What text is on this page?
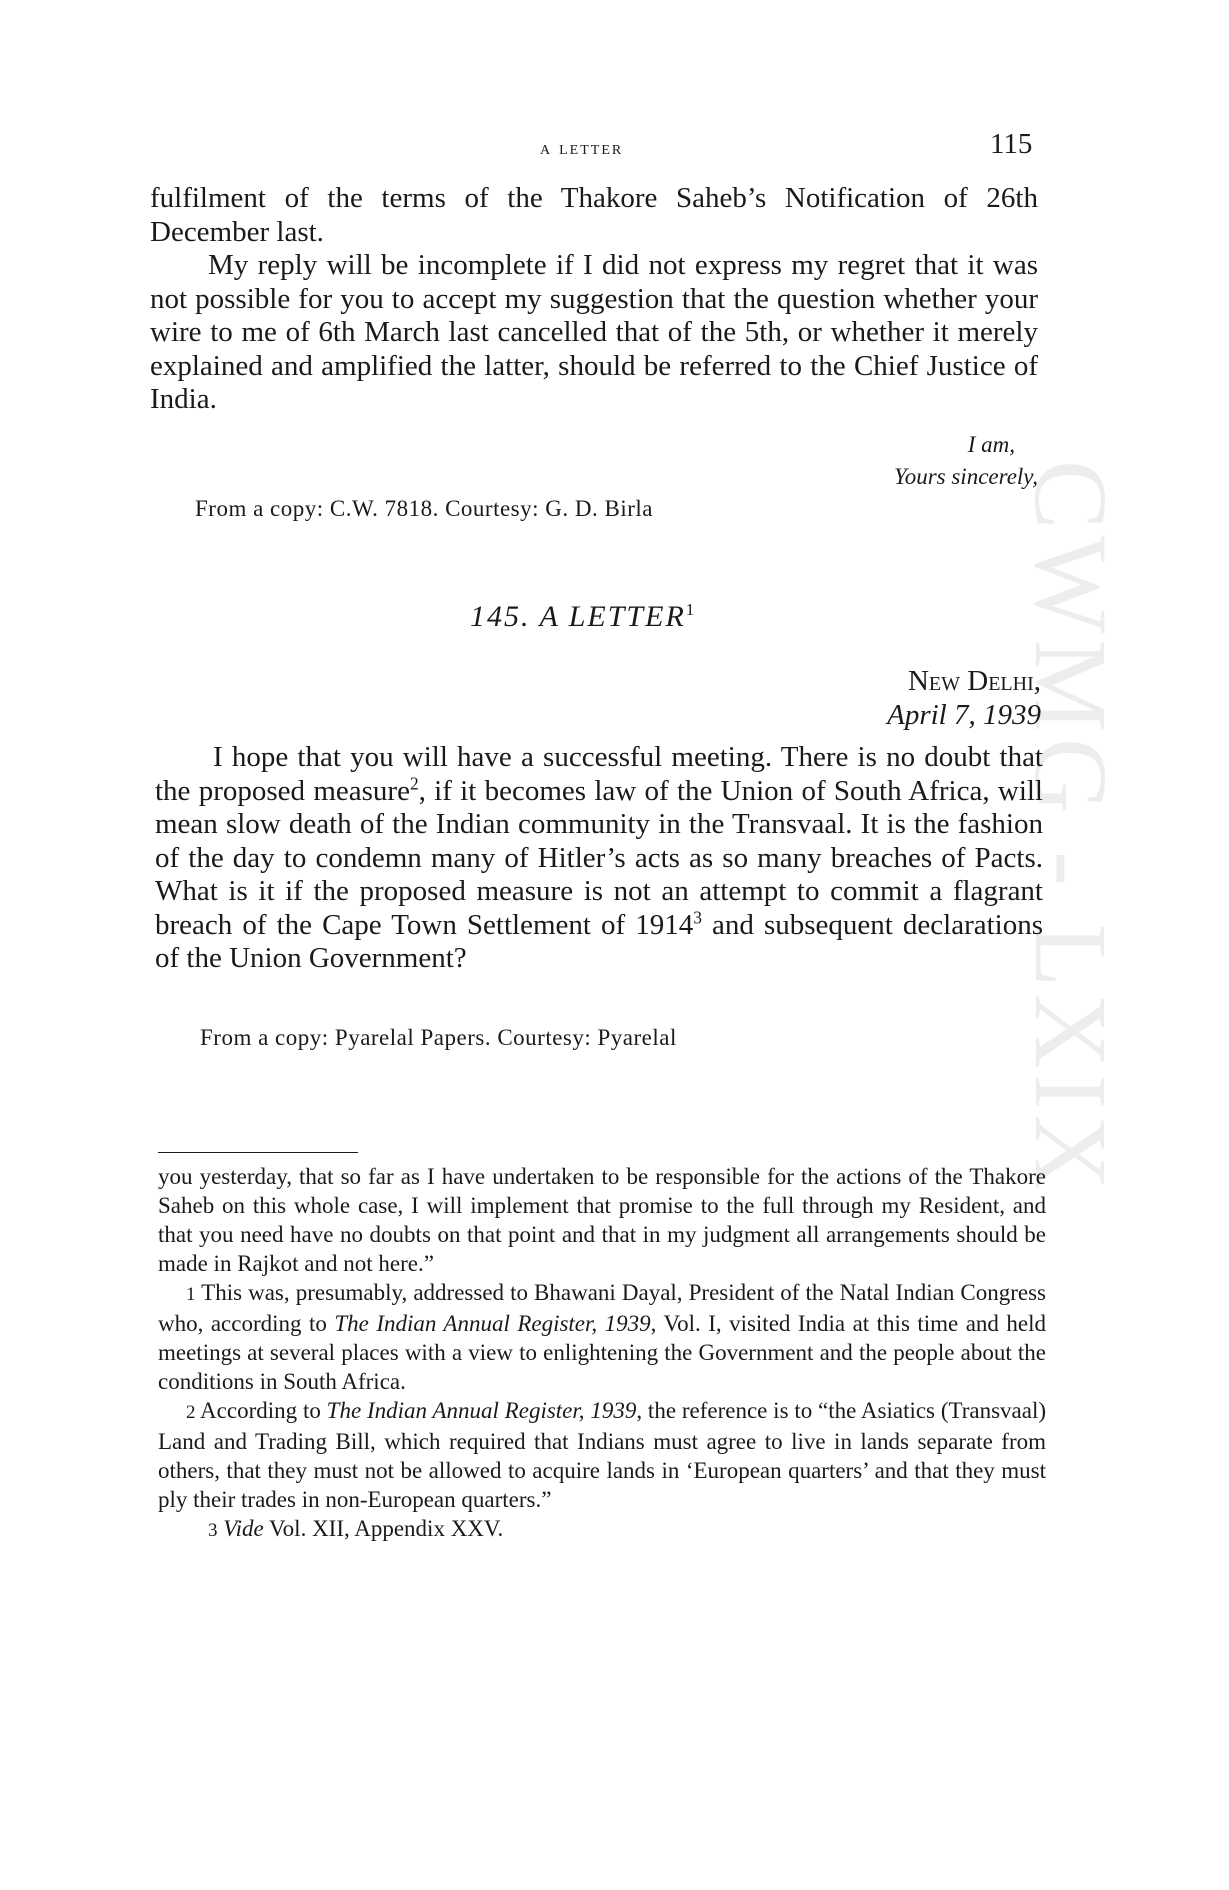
CWMG - LXIX
a letter	115

fulfilment of the terms of the Thakore Saheb’s Notification of 26th December last.

My reply will be incomplete if I did not express my regret that it was not possible for you to accept my suggestion that the question whether your wire to me of 6th March last cancelled that of the 5th, or whether it merely explained and amplified the latter, should be referred to the Chief Justice of India.

I am,
Yours sincerely,
From a copy: C.W. 7818. Courtesy: G. D. Birla
145. A LETTER$^1$
New Delhi,
April 7, 1939

I hope that you will have a successful meeting. There is no doubt that the proposed measure$^2$, if it becomes law of the Union of South Africa, will mean slow death of the Indian community in the Transvaal. It is the fashion of the day to condemn many of Hitler’s acts as so many breaches of Pacts. What is it if the proposed measure is not an attempt to commit a flagrant breach of the Cape Town Settlement of 1914$^3$ and subsequent declarations of the Union Government?

From a copy: Pyarelal Papers. Courtesy: Pyarelal

you yesterday, that so far as I have undertaken to be responsible for the actions of the Thakore Saheb on this whole case, I will implement that promise to the full through my Resident, and that you need have no doubts on that point and that in my judgment all arrangements should be made in Rajkot and not here.”

1 This was, presumably, addressed to Bhawani Dayal, President of the Natal Indian Congress who, according to The Indian Annual Register, 1939, Vol. I, visited India at this time and held meetings at several places with a view to enlightening the Government and the people about the conditions in South Africa.

2 According to The Indian Annual Register, 1939, the reference is to “the Asiatics (Transvaal) Land and Trading Bill, which required that Indians must agree to live in lands separate from others, that they must not be allowed to acquire lands in ‘European quarters’ and that they must ply their trades in non-European quarters.”

3 Vide Vol. XII, Appendix XXV.
